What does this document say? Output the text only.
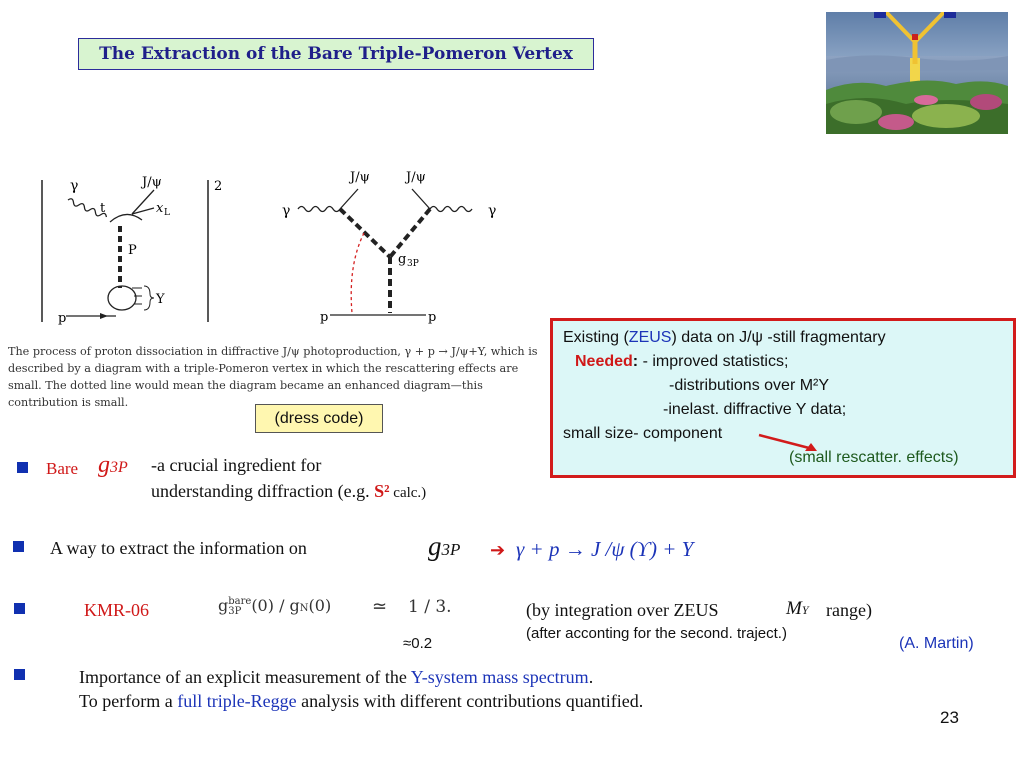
The Extraction of the Bare Triple-Pomeron Vertex
γ	J/ψ
t	x L
P
p
Y
2
J/ψ	J/ψ
γ	γ
g 3P
p	p
The process of proton dissociation in diffractive J/ψ photoproduction, γ + p → J/ψ+Y, which is described by a diagram with a triple-Pomeron vertex in which the rescattering effects are small. The dotted line would mean the diagram became an enhanced diagram—this contribution is small.
(dress code)
Existing (ZEUS) data on J/ψ -still fragmentary
Needed: - improved statistics;
-distributions over M²Y
-inelast. diffractive Y data;
small size- component
(small rescatter. effects)
Bare g3P -a crucial ingredient for
understanding diffraction (e.g. S² calc.)
A way to extract the information on	g3P ➔ γ + p → J /ψ (ϒ) + Y
KMR-06	g bare
3P (0) / gN(0) ≃ 1 / 3.	(by integration over ZEUS	MY range)
(after acconting for the second. traject.)
≈0.2	(A. Martin)
Importance of an explicit measurement of the Y-system mass spectrum.
To perform a full triple-Regge analysis with different contributions quantified.
23
